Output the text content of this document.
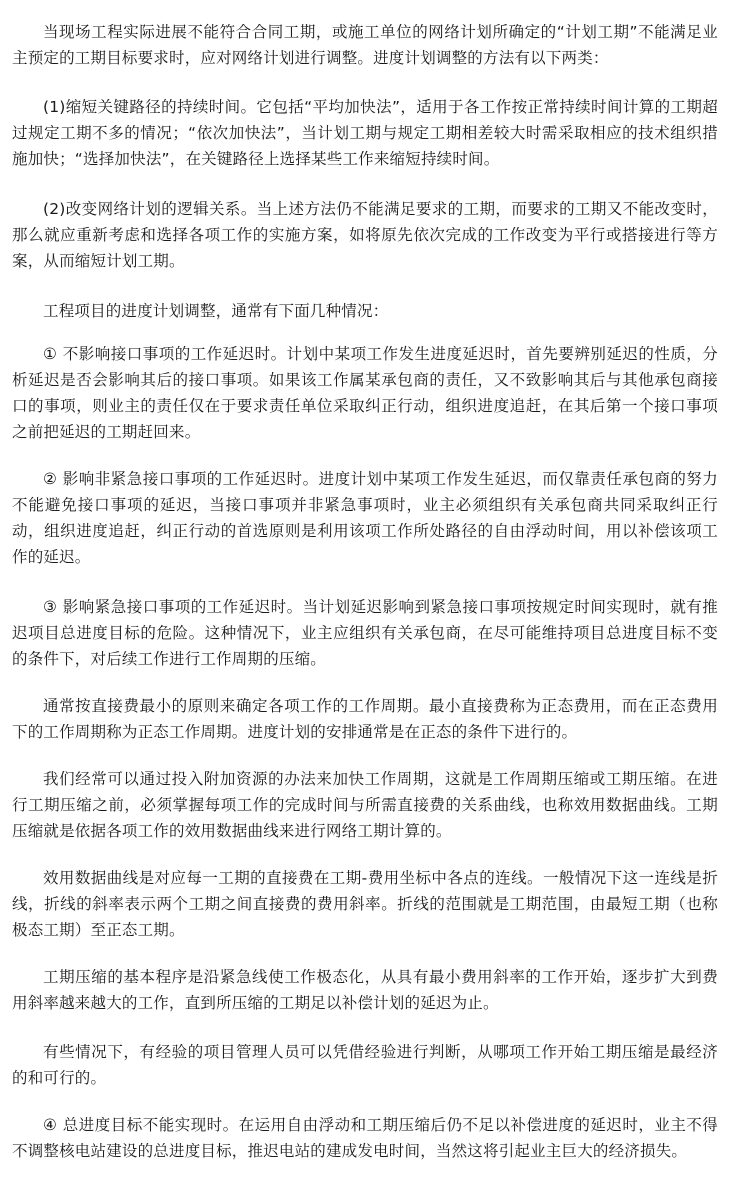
当现场工程实际进展不能符合合同工期，或施工单位的网络计划所确定的“计划工期”不能满足业主预定的工期目标要求时，应对网络计划进行调整。进度计划调整的方法有以下两类：

(1)缩短关键路径的持续时间。它包括“平均加快法”，适用于各工作按正常持续时间计算的工期超过规定工期不多的情况；“依次加快法”，当计划工期与规定工期相差较大时需采取相应的技术组织措施加快；“选择加快法”，在关键路径上选择某些工作来缩短持续时间。

(2)改变网络计划的逻辑关系。当上述方法仍不能满足要求的工期，而要求的工期又不能改变时，那么就应重新考虑和选择各项工作的实施方案，如将原先依次完成的工作改变为平行或搭接进行等方案，从而缩短计划工期。

工程项目的进度计划调整，通常有下面几种情况：

① 不影响接口事项的工作延迟时。计划中某项工作发生进度延迟时，首先要辨别延迟的性质，分析延迟是否会影响其后的接口事项。如果该工作属某承包商的责任，又不致影响其后与其他承包商接口的事项，则业主的责任仅在于要求责任单位采取纠正行动，组织进度追赶，在其后第一个接口事项之前把延迟的工期赶回来。

② 影响非紧急接口事项的工作延迟时。进度计划中某项工作发生延迟，而仅靠责任承包商的努力不能避免接口事项的延迟，当接口事项并非紧急事项时，业主必须组织有关承包商共同采取纠正行动，组织进度追赶，纠正行动的首选原则是利用该项工作所处路径的自由浮动时间，用以补偿该项工作的延迟。

③ 影响紧急接口事项的工作延迟时。当计划延迟影响到紧急接口事项按规定时间实现时，就有推迟项目总进度目标的危险。这种情况下，业主应组织有关承包商，在尽可能维持项目总进度目标不变的条件下，对后续工作进行工作周期的压缩。

通常按直接费最小的原则来确定各项工作的工作周期。最小直接费称为正态费用，而在正态费用下的工作周期称为正态工作周期。进度计划的安排通常是在正态的条件下进行的。

我们经常可以通过投入附加资源的办法来加快工作周期，这就是工作周期压缩或工期压缩。在进行工期压缩之前，必须掌握每项工作的完成时间与所需直接费的关系曲线，也称效用数据曲线。工期压缩就是依据各项工作的效用数据曲线来进行网络工期计算的。

效用数据曲线是对应每一工期的直接费在工期-费用坐标中各点的连线。一般情况下这一连线是折线，折线的斜率表示两个工期之间直接费的费用斜率。折线的范围就是工期范围，由最短工期（也称极态工期）至正态工期。

工期压缩的基本程序是沿紧急线使工作极态化，从具有最小费用斜率的工作开始，逐步扩大到费用斜率越来越大的工作，直到所压缩的工期足以补偿计划的延迟为止。

有些情况下，有经验的项目管理人员可以凭借经验进行判断，从哪项工作开始工期压缩是最经济的和可行的。

④ 总进度目标不能实现时。在运用自由浮动和工期压缩后仍不足以补偿进度的延迟时，业主不得不调整核电站建设的总进度目标，推迟电站的建成发电时间，当然这将引起业主巨大的经济损失。
